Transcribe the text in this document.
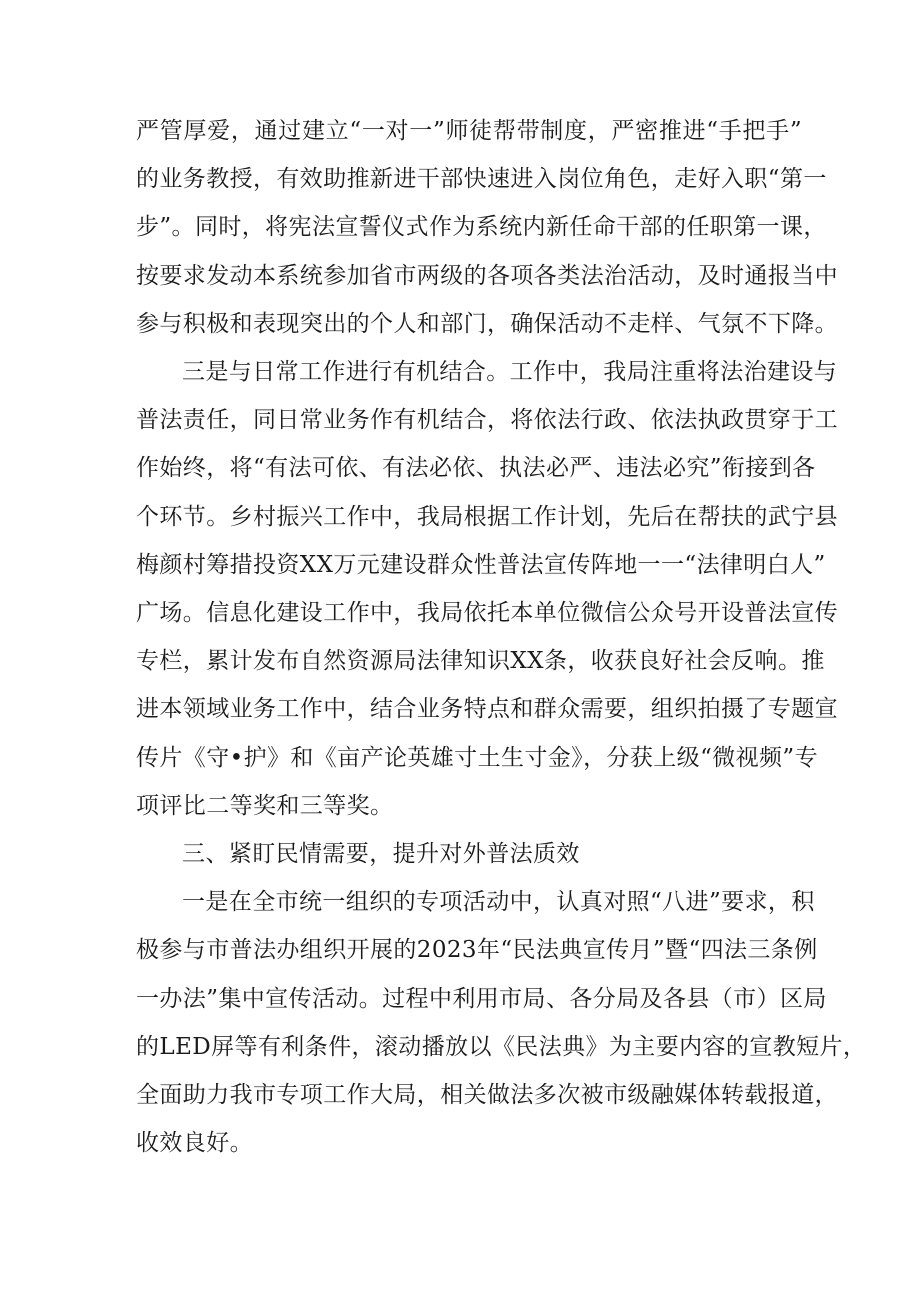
严管厚爱，通过建立“一对一”师徒帮带制度，严密推进“手把手”
的业务教授，有效助推新进干部快速进入岗位角色，走好入职“第一
步”。同时，将宪法宣誓仪式作为系统内新任命干部的任职第一课，
按要求发动本系统参加省市两级的各项各类法治活动，及时通报当中
参与积极和表现突出的个人和部门，确保活动不走样、气氛不下降。
三是与日常工作进行有机结合。工作中，我局注重将法治建设与
普法责任，同日常业务作有机结合，将依法行政、依法执政贯穿于工
作始终，将“有法可依、有法必依、执法必严、违法必究”衔接到各
个环节。乡村振兴工作中，我局根据工作计划，先后在帮扶的武宁县
梅颜村筹措投资XX万元建设群众性普法宣传阵地一一“法律明白人”
广场。信息化建设工作中，我局依托本单位微信公众号开设普法宣传
专栏，累计发布自然资源局法律知识XX条，收获良好社会反响。推
进本领域业务工作中，结合业务特点和群众需要，组织拍摄了专题宣
传片《守•护》和《亩产论英雄寸土生寸金》，分获上级“微视频”专
项评比二等奖和三等奖。
三、紧盯民情需要，提升对外普法质效
一是在全市统一组织的专项活动中，认真对照“八进”要求，积
极参与市普法办组织开展的2023年“民法典宣传月”暨“四法三条例
一办法”集中宣传活动。过程中利用市局、各分局及各县（市）区局
的LED屏等有利条件，滚动播放以《民法典》为主要内容的宣教短片，
全面助力我市专项工作大局，相关做法多次被市级融媒体转载报道，
收效良好。
